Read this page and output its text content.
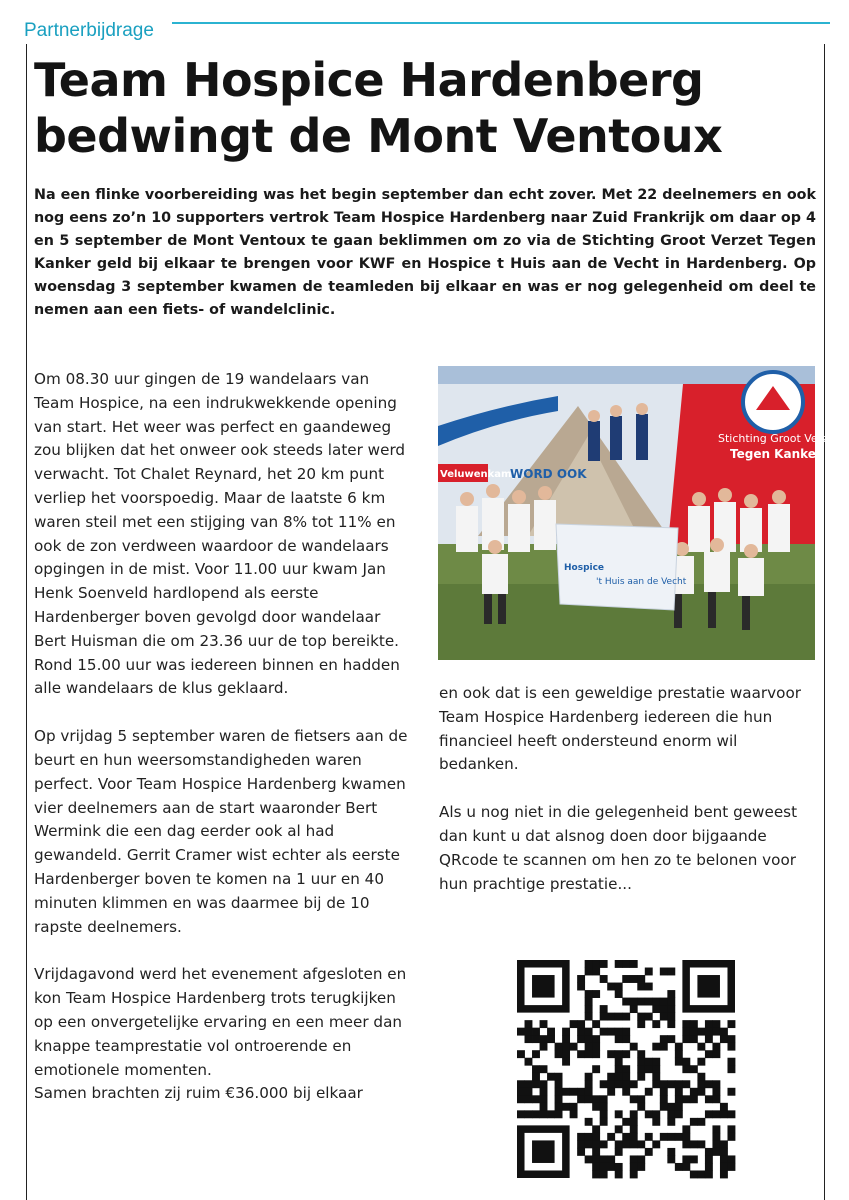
Partnerbijdrage
Team Hospice Hardenberg bedwingt de Mont Ventoux

Na een flinke voorbereiding was het begin september dan echt zover. Met 22 deelnemers en ook nog eens zo’n 10 supporters vertrok Team Hospice Hardenberg naar Zuid Frankrijk om daar op 4 en 5 september de Mont Ventoux te gaan beklimmen om zo via de Stichting Groot Verzet Tegen Kanker geld bij elkaar te brengen voor KWF en Hospice t Huis aan de Vecht in Hardenberg. Op woensdag 3 september kwamen de teamleden bij elkaar en was er nog gelegenheid om deel te nemen aan een fiets- of wandelclinic.

Om 08.30 uur gingen de 19 wandelaars van Team Hospice, na een indrukwekkende opening van start. Het weer was perfect en gaandeweg zou blijken dat het onweer ook steeds later werd verwacht. Tot Chalet Reynard, het 20 km punt verliep het voorspoedig. Maar de laatste 6 km waren steil met een stijging van 8% tot 11% en ook de zon verdween waardoor de wandelaars opgingen in de mist. Voor 11.00 uur kwam Jan Henk Soenveld hardlopend als eerste Hardenberger boven gevolgd door wandelaar Bert Huisman die om 23.36 uur de top bereikte. Rond 15.00 uur was iedereen binnen en hadden alle wandelaars de klus geklaard.

Op vrijdag 5 september waren de fietsers aan de beurt en hun weersomstandigheden waren perfect. Voor Team Hospice Hardenberg kwamen vier deelnemers aan de start waaronder Bert Wermink die een dag eerder ook al had gewandeld. Gerrit Cramer wist echter als eerste Hardenberger boven te komen na 1 uur en 40 minuten klimmen en was daarmee bij de 10 rapste deelnemers.

Vrijdagavond werd het evenement afgesloten en kon Team Hospice Hardenberg trots terugkijken op een onvergetelijke ervaring en een meer dan knappe teamprestatie vol ontroerende en emotionele momenten.

Samen brachten zij ruim €36.000 bij elkaar

Stichting Groot Verzet
Tegen Kanker
Veluwenkamp
WORD OOK
Hospice
't Huis aan de Vecht

en ook dat is een geweldige prestatie waarvoor Team Hospice Hardenberg iedereen die hun financieel heeft ondersteund enorm wil bedanken.

Als u nog niet in die gelegenheid bent geweest dan kunt u dat alsnog doen door bijgaande QRcode te scannen om hen zo te belonen voor hun prachtige prestatie...
